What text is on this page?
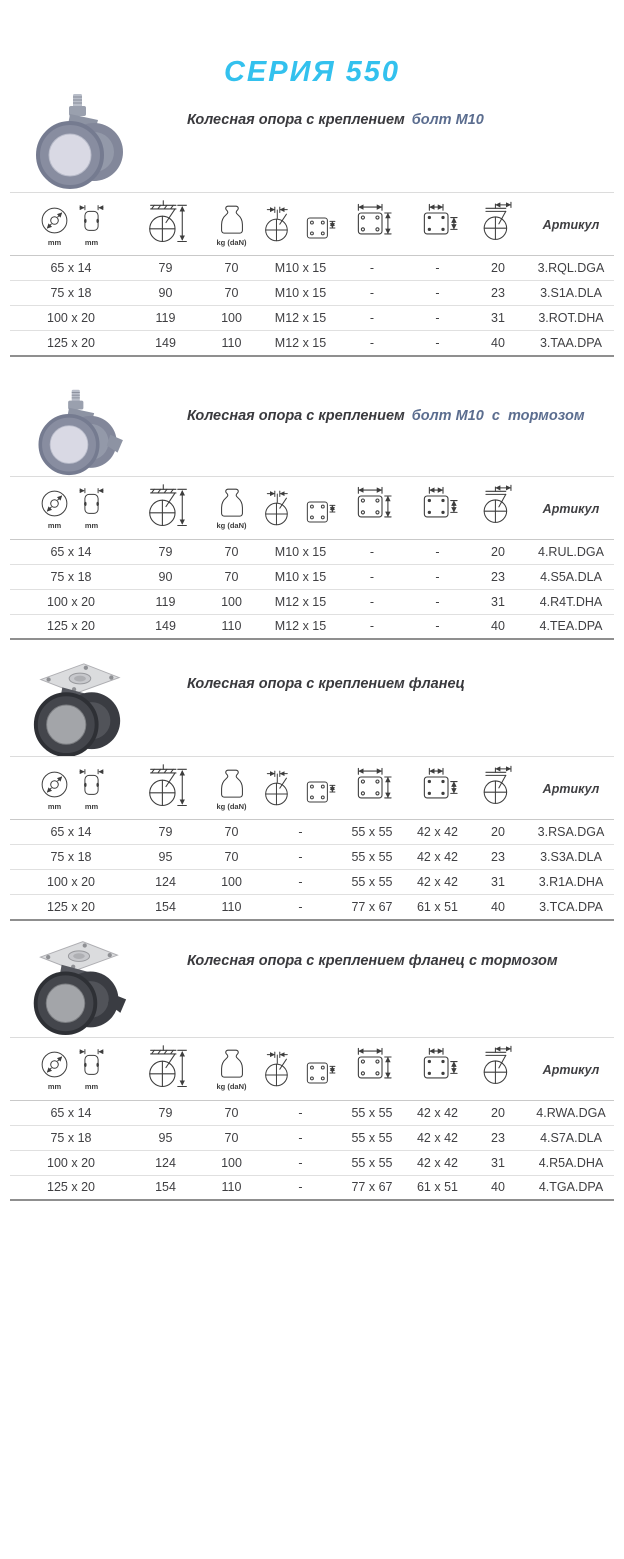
СЕРИЯ 550
Колесная опора с креплением болт М10
mm mm		kg (daN)					Артикул
65 x 14	79	70	M10 x 15	-	-	20	3.RQL.DGA
75 x 18	90	70	M10 x 15	-	-	23	3.S1A.DLA
100 x 20	119	100	M12 x 15	-	-	31	3.ROT.DHA
125 x 20	149	110	M12 x 15	-	-	40	3.TAA.DPA
Колесная опора с креплением болт М10  с  тормозом
mm mm		kg (daN)					Артикул
65 x 14	79	70	M10 x 15	-	-	20	4.RUL.DGA
75 x 18	90	70	M10 x 15	-	-	23	4.S5A.DLA
100 x 20	119	100	M12 x 15	-	-	31	4.R4T.DHA
125 x 20	149	110	M12 x 15	-	-	40	4.TEA.DPA
Колесная опора с креплением фланец
mm mm		kg (daN)					Артикул
65 x 14	79	70	-	55 x 55	42 x 42	20	3.RSA.DGA
75 x 18	95	70	-	55 x 55	42 x 42	23	3.S3A.DLA
100 x 20	124	100	-	55 x 55	42 x 42	31	3.R1A.DHA
125 x 20	154	110	-	77 x 67	61 x 51	40	3.TCA.DPA
Колесная опора с креплением фланец с тормозом
mm mm		kg (daN)					Артикул
65 x 14	79	70	-	55 x 55	42 x 42	20	4.RWA.DGA
75 x 18	95	70	-	55 x 55	42 x 42	23	4.S7A.DLA
100 x 20	124	100	-	55 x 55	42 x 42	31	4.R5A.DHA
125 x 20	154	110	-	77 x 67	61 x 51	40	4.TGA.DPA
